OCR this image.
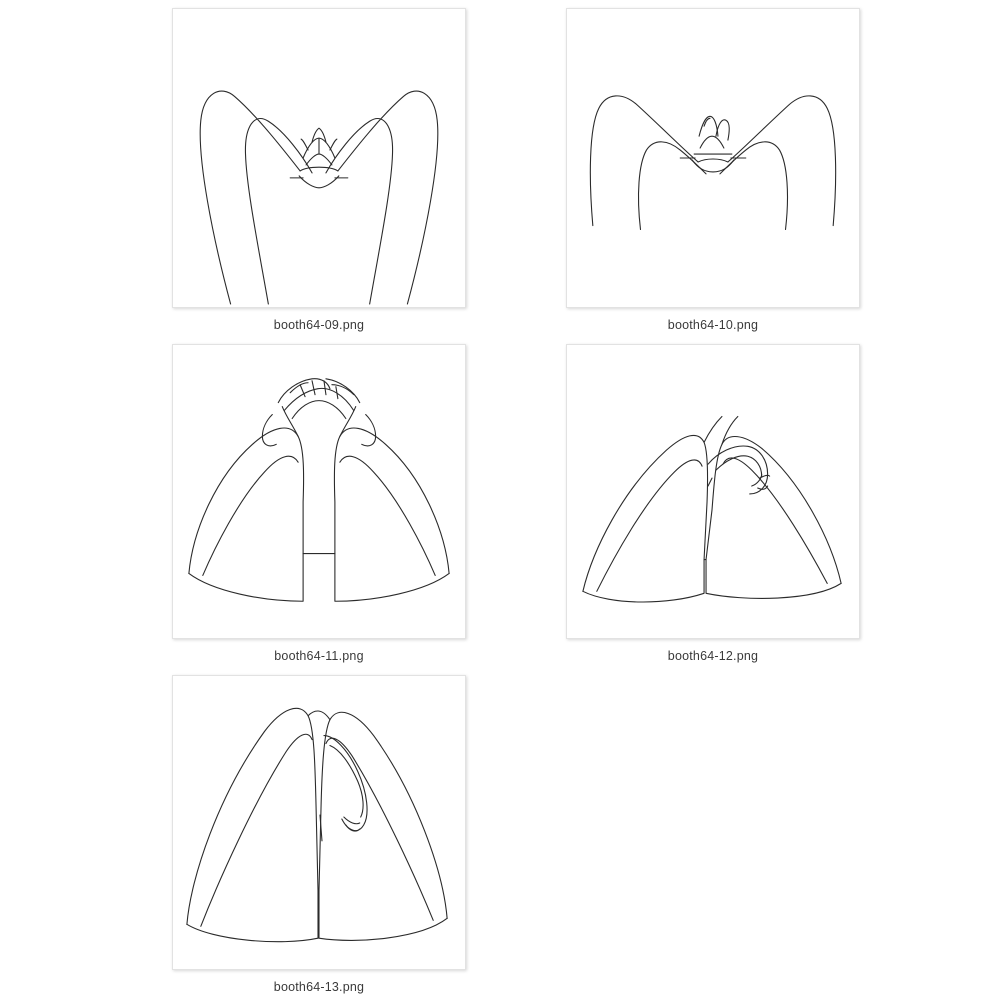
booth64-09.png	booth64-10.png
booth64-11.png	booth64-12.png
booth64-13.png
